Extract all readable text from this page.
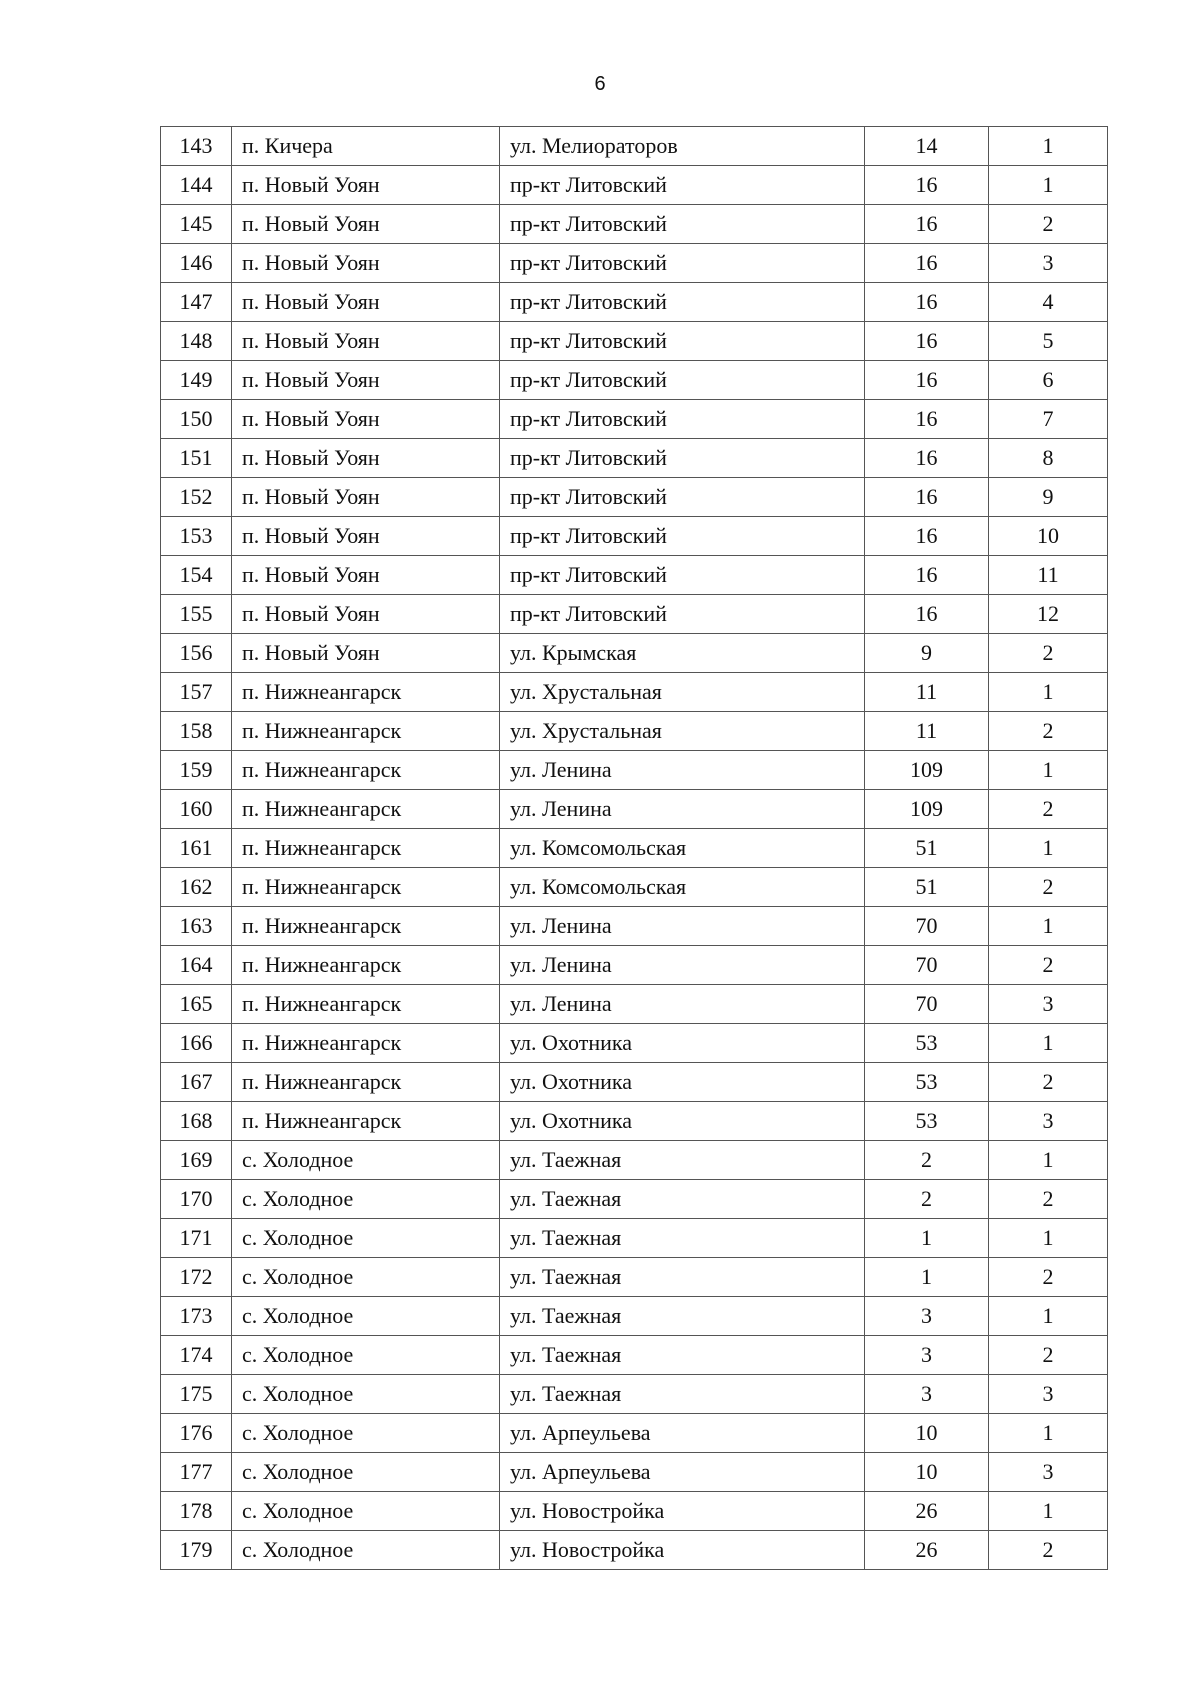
6
143	п. Кичера	ул. Мелиораторов	14	1
144	п. Новый Уоян	пр-кт Литовский	16	1
145	п. Новый Уоян	пр-кт Литовский	16	2
146	п. Новый Уоян	пр-кт Литовский	16	3
147	п. Новый Уоян	пр-кт Литовский	16	4
148	п. Новый Уоян	пр-кт Литовский	16	5
149	п. Новый Уоян	пр-кт Литовский	16	6
150	п. Новый Уоян	пр-кт Литовский	16	7
151	п. Новый Уоян	пр-кт Литовский	16	8
152	п. Новый Уоян	пр-кт Литовский	16	9
153	п. Новый Уоян	пр-кт Литовский	16	10
154	п. Новый Уоян	пр-кт Литовский	16	11
155	п. Новый Уоян	пр-кт Литовский	16	12
156	п. Новый Уоян	ул. Крымская	9	2
157	п. Нижнеангарск	ул. Хрустальная	11	1
158	п. Нижнеангарск	ул. Хрустальная	11	2
159	п. Нижнеангарск	ул. Ленина	109	1
160	п. Нижнеангарск	ул. Ленина	109	2
161	п. Нижнеангарск	ул. Комсомольская	51	1
162	п. Нижнеангарск	ул. Комсомольская	51	2
163	п. Нижнеангарск	ул. Ленина	70	1
164	п. Нижнеангарск	ул. Ленина	70	2
165	п. Нижнеангарск	ул. Ленина	70	3
166	п. Нижнеангарск	ул. Охотника	53	1
167	п. Нижнеангарск	ул. Охотника	53	2
168	п. Нижнеангарск	ул. Охотника	53	3
169	с. Холодное	ул. Таежная	2	1
170	с. Холодное	ул. Таежная	2	2
171	с. Холодное	ул. Таежная	1	1
172	с. Холодное	ул. Таежная	1	2
173	с. Холодное	ул. Таежная	3	1
174	с. Холодное	ул. Таежная	3	2
175	с. Холодное	ул. Таежная	3	3
176	с. Холодное	ул. Арпеульева	10	1
177	с. Холодное	ул. Арпеульева	10	3
178	с. Холодное	ул. Новостройка	26	1
179	с. Холодное	ул. Новостройка	26	2
